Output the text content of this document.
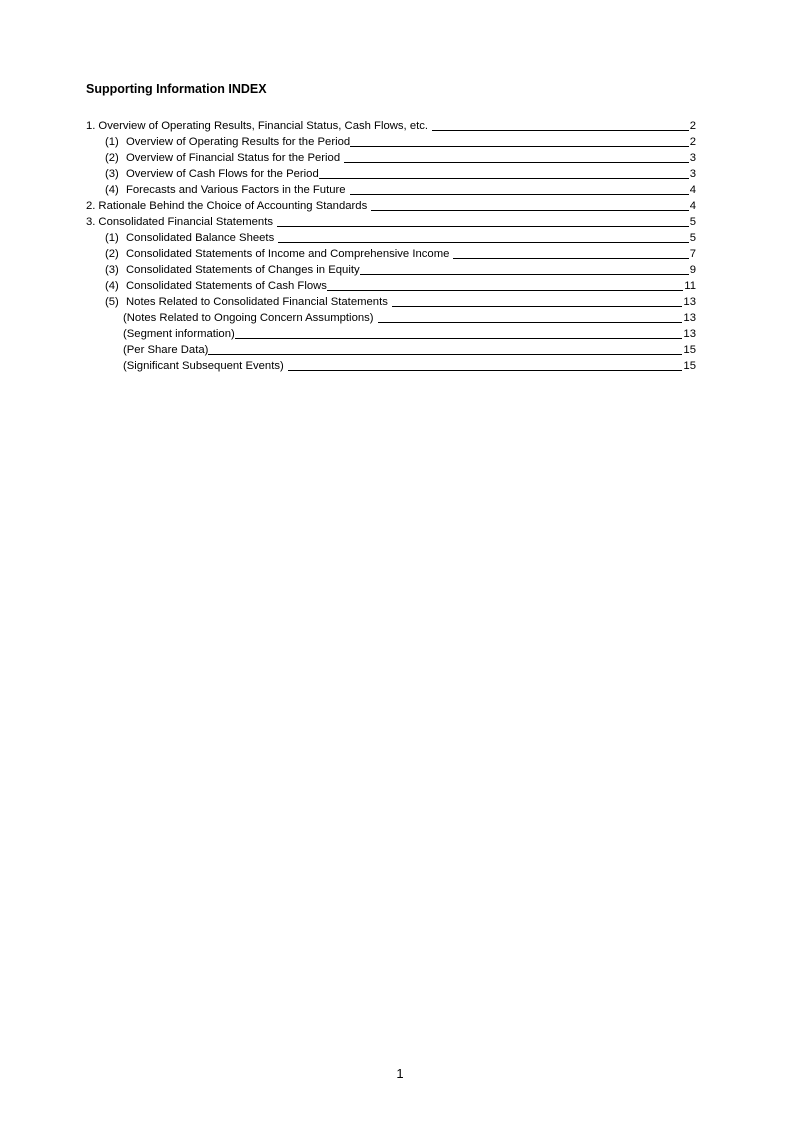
Supporting Information INDEX
1. Overview of Operating Results, Financial Status, Cash Flows, etc.	2
(1) Overview of Operating Results for the Period	2
(2) Overview of Financial Status for the Period	3
(3) Overview of Cash Flows for the Period	3
(4) Forecasts and Various Factors in the Future	4
2. Rationale Behind the Choice of Accounting Standards	4
3. Consolidated Financial Statements	5
(1) Consolidated Balance Sheets	5
(2) Consolidated Statements of Income and Comprehensive Income	7
(3) Consolidated Statements of Changes in Equity	9
(4) Consolidated Statements of Cash Flows	11
(5) Notes Related to Consolidated Financial Statements	13
(Notes Related to Ongoing Concern Assumptions)	13
(Segment information)	13
(Per Share Data)	15
(Significant Subsequent Events)	15
1
